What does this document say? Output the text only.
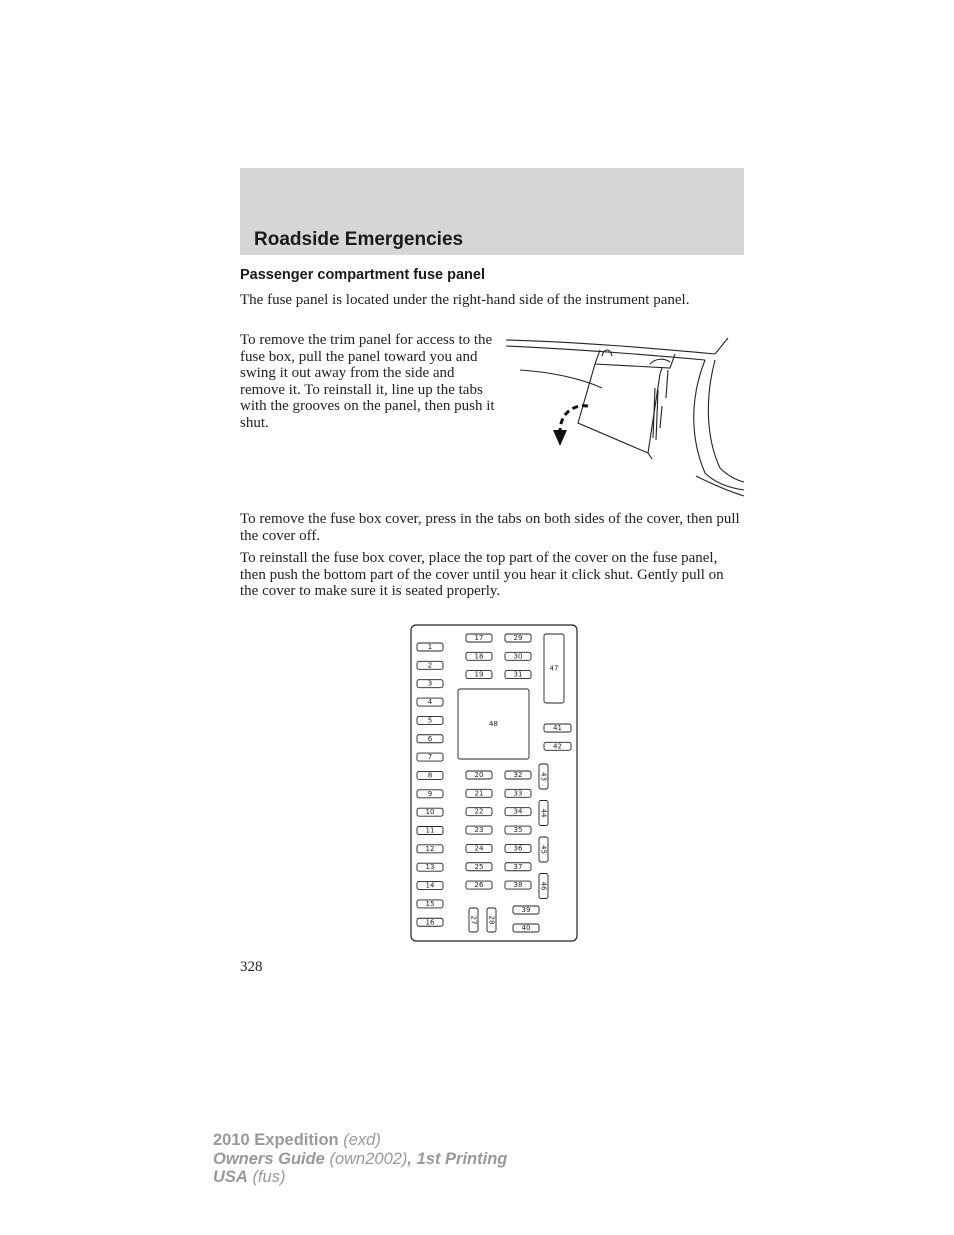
Roadside Emergencies
Passenger compartment fuse panel

The fuse panel is located under the right-hand side of the instrument panel.

To remove the trim panel for access to the fuse box, pull the panel toward you and swing it out away from the side and remove it. To reinstall it, line up the tabs with the grooves on the panel, then push it shut.

To remove the fuse box cover, press in the tabs on both sides of the cover, then pull the cover off.

To reinstall the fuse box cover, place the top part of the cover on the fuse panel, then push the bottom part of the cover until you hear it click shut. Gently pull on the cover to make sure it is seated properly.

1
2
3
4
5
6
7
8
9
10
11
12
13
14
15
16
17
18
19
29
30
31
48
47
41
42
20
21
22
23
24
25
26
32
33
34
35
36
37
38
43
44
45
46
27 28
39
40
328
2010 Expedition (exd)
Owners Guide (own2002), 1st Printing
USA (fus)
